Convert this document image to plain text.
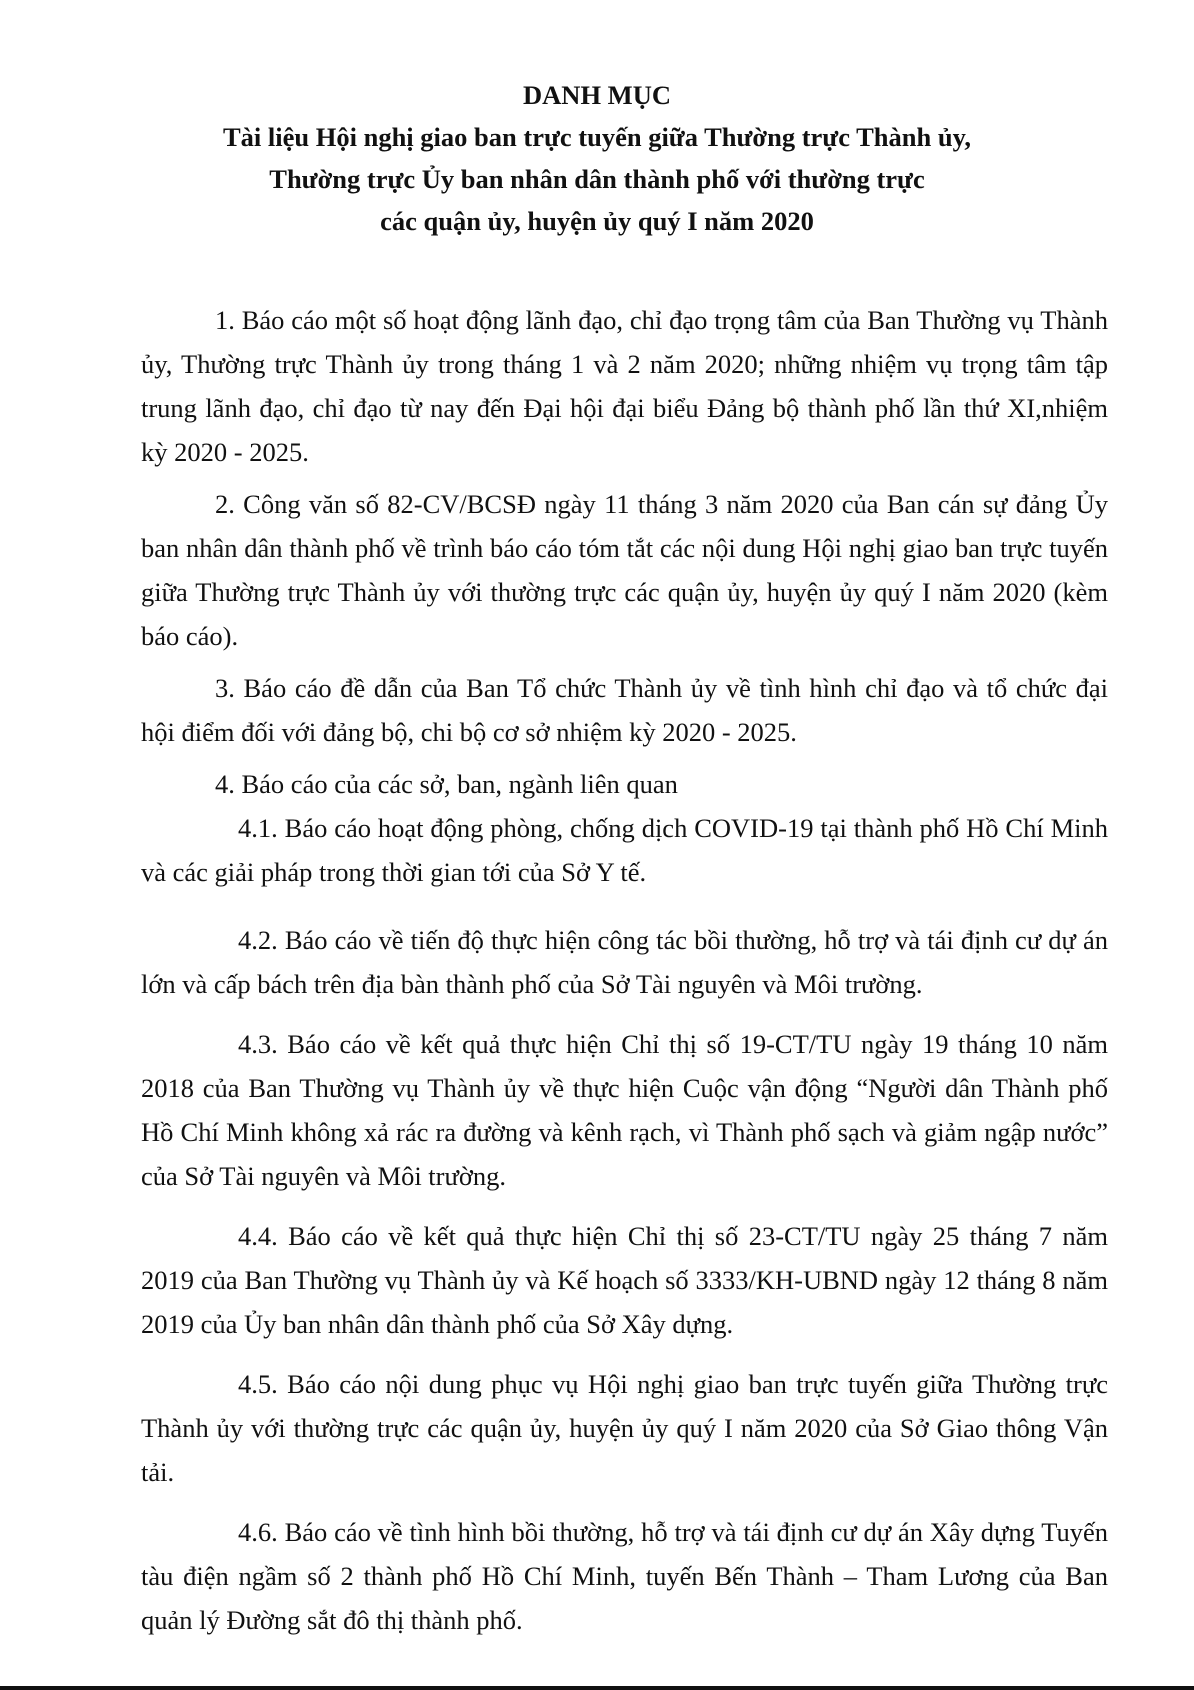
DANH MỤC
Tài liệu Hội nghị giao ban trực tuyến giữa Thường trực Thành ủy,
Thường trực Ủy ban nhân dân thành phố với thường trực
các quận ủy, huyện ủy quý I năm 2020

1. Báo cáo một số hoạt động lãnh đạo, chỉ đạo trọng tâm của Ban Thường vụ Thành ủy, Thường trực Thành ủy trong tháng 1 và 2 năm 2020; những nhiệm vụ trọng tâm tập trung lãnh đạo, chỉ đạo từ nay đến Đại hội đại biểu Đảng bộ thành phố lần thứ XI,nhiệm kỳ 2020 - 2025.

2. Công văn số 82-CV/BCSĐ ngày 11 tháng 3 năm 2020 của Ban cán sự đảng Ủy ban nhân dân thành phố về trình báo cáo tóm tắt các nội dung Hội nghị giao ban trực tuyến giữa Thường trực Thành ủy với thường trực các quận ủy, huyện ủy quý I năm 2020 (kèm báo cáo).

3. Báo cáo đề dẫn của Ban Tổ chức Thành ủy về tình hình chỉ đạo và tổ chức đại hội điểm đối với đảng bộ, chi bộ cơ sở nhiệm kỳ 2020 - 2025.

4. Báo cáo của các sở, ban, ngành liên quan

4.1. Báo cáo hoạt động phòng, chống dịch COVID-19 tại thành phố Hồ Chí Minh và các giải pháp trong thời gian tới của Sở Y tế.

4.2. Báo cáo về tiến độ thực hiện công tác bồi thường, hỗ trợ và tái định cư dự án lớn và cấp bách trên địa bàn thành phố của Sở Tài nguyên và Môi trường.

4.3. Báo cáo về kết quả thực hiện Chỉ thị số 19-CT/TU ngày 19 tháng 10 năm 2018 của Ban Thường vụ Thành ủy về thực hiện Cuộc vận động “Người dân Thành phố Hồ Chí Minh không xả rác ra đường và kênh rạch, vì Thành phố sạch và giảm ngập nước” của Sở Tài nguyên và Môi trường.

4.4. Báo cáo về kết quả thực hiện Chỉ thị số 23-CT/TU ngày 25 tháng 7 năm 2019 của Ban Thường vụ Thành ủy và Kế hoạch số 3333/KH-UBND ngày 12 tháng 8 năm 2019 của Ủy ban nhân dân thành phố của Sở Xây dựng.

4.5. Báo cáo nội dung phục vụ Hội nghị giao ban trực tuyến giữa Thường trực Thành ủy với thường trực các quận ủy, huyện ủy quý I năm 2020 của Sở Giao thông Vận tải.

4.6. Báo cáo về tình hình bồi thường, hỗ trợ và tái định cư dự án Xây dựng Tuyến tàu điện ngầm số 2 thành phố Hồ Chí Minh, tuyến Bến Thành – Tham Lương của Ban quản lý Đường sắt đô thị thành phố.
